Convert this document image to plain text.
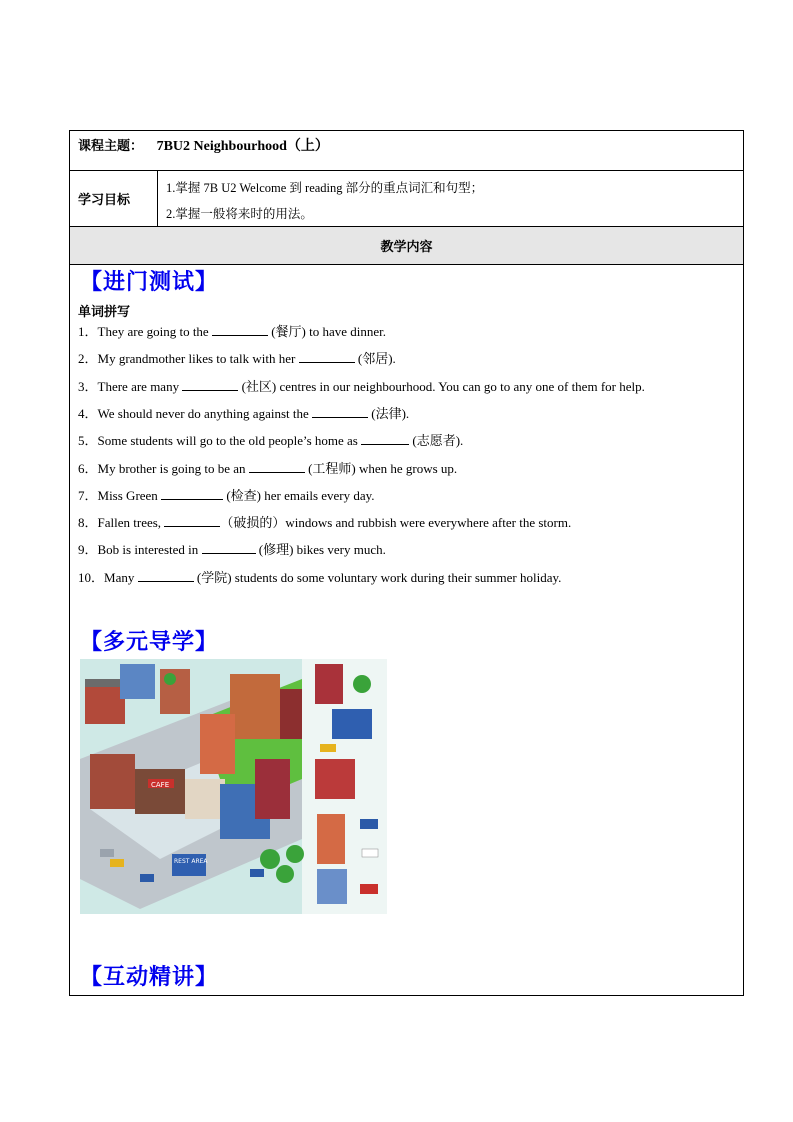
课程主题： 7BU2 Neighbourhood（上）
学习目标
1.掌握 7B U2 Welcome 到 reading 部分的重点词汇和句型；
2.掌握一般将来时的用法。
教学内容
【进门测试】
单词拼写
1．They are going to the	(餐厅) to have dinner.
2．My grandmother likes to talk with her	(邻居).
3．There are many	(社区) centres in our neighbourhood. You can go to any one of them for help.
4．We should never do anything against the	(法律).
5．Some students will go to the old people’s home as	(志愿者).
6．My brother is going to be an	(工程师) when he grows up.
7．Miss Green	(检查) her emails every day.
8．Fallen trees,	（破损的）windows and rubbish were everywhere after the storm.
9．Bob is interested in	(修理) bikes very much.
10．Many	(学院) students do some voluntary work during their summer holiday.
【多元导学】
CAFE
REST AREA
【互动精讲】
